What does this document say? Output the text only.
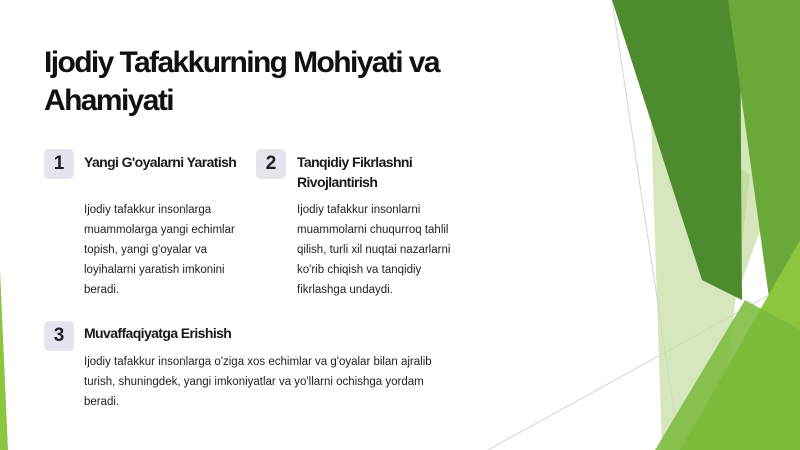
Ijodiy Tafakkurning Mohiyati va Ahamiyati
1	Yangi G'oyalarni Yaratish

Ijodiy tafakkur insonlarga muammolarga yangi echimlar topish, yangi g'oyalar va loyihalarni yaratish imkonini beradi.

2	Tanqidiy Fikrlashni Rivojlantirish

Ijodiy tafakkur insonlarni muammolarni chuqurroq tahlil qilish, turli xil nuqtai nazarlarni ko'rib chiqish va tanqidiy fikrlashga undaydi.

3	Muvaffaqiyatga Erishish

Ijodiy tafakkur insonlarga o'ziga xos echimlar va g'oyalar bilan ajralib turish, shuningdek, yangi imkoniyatlar va yo'llarni ochishga yordam beradi.
